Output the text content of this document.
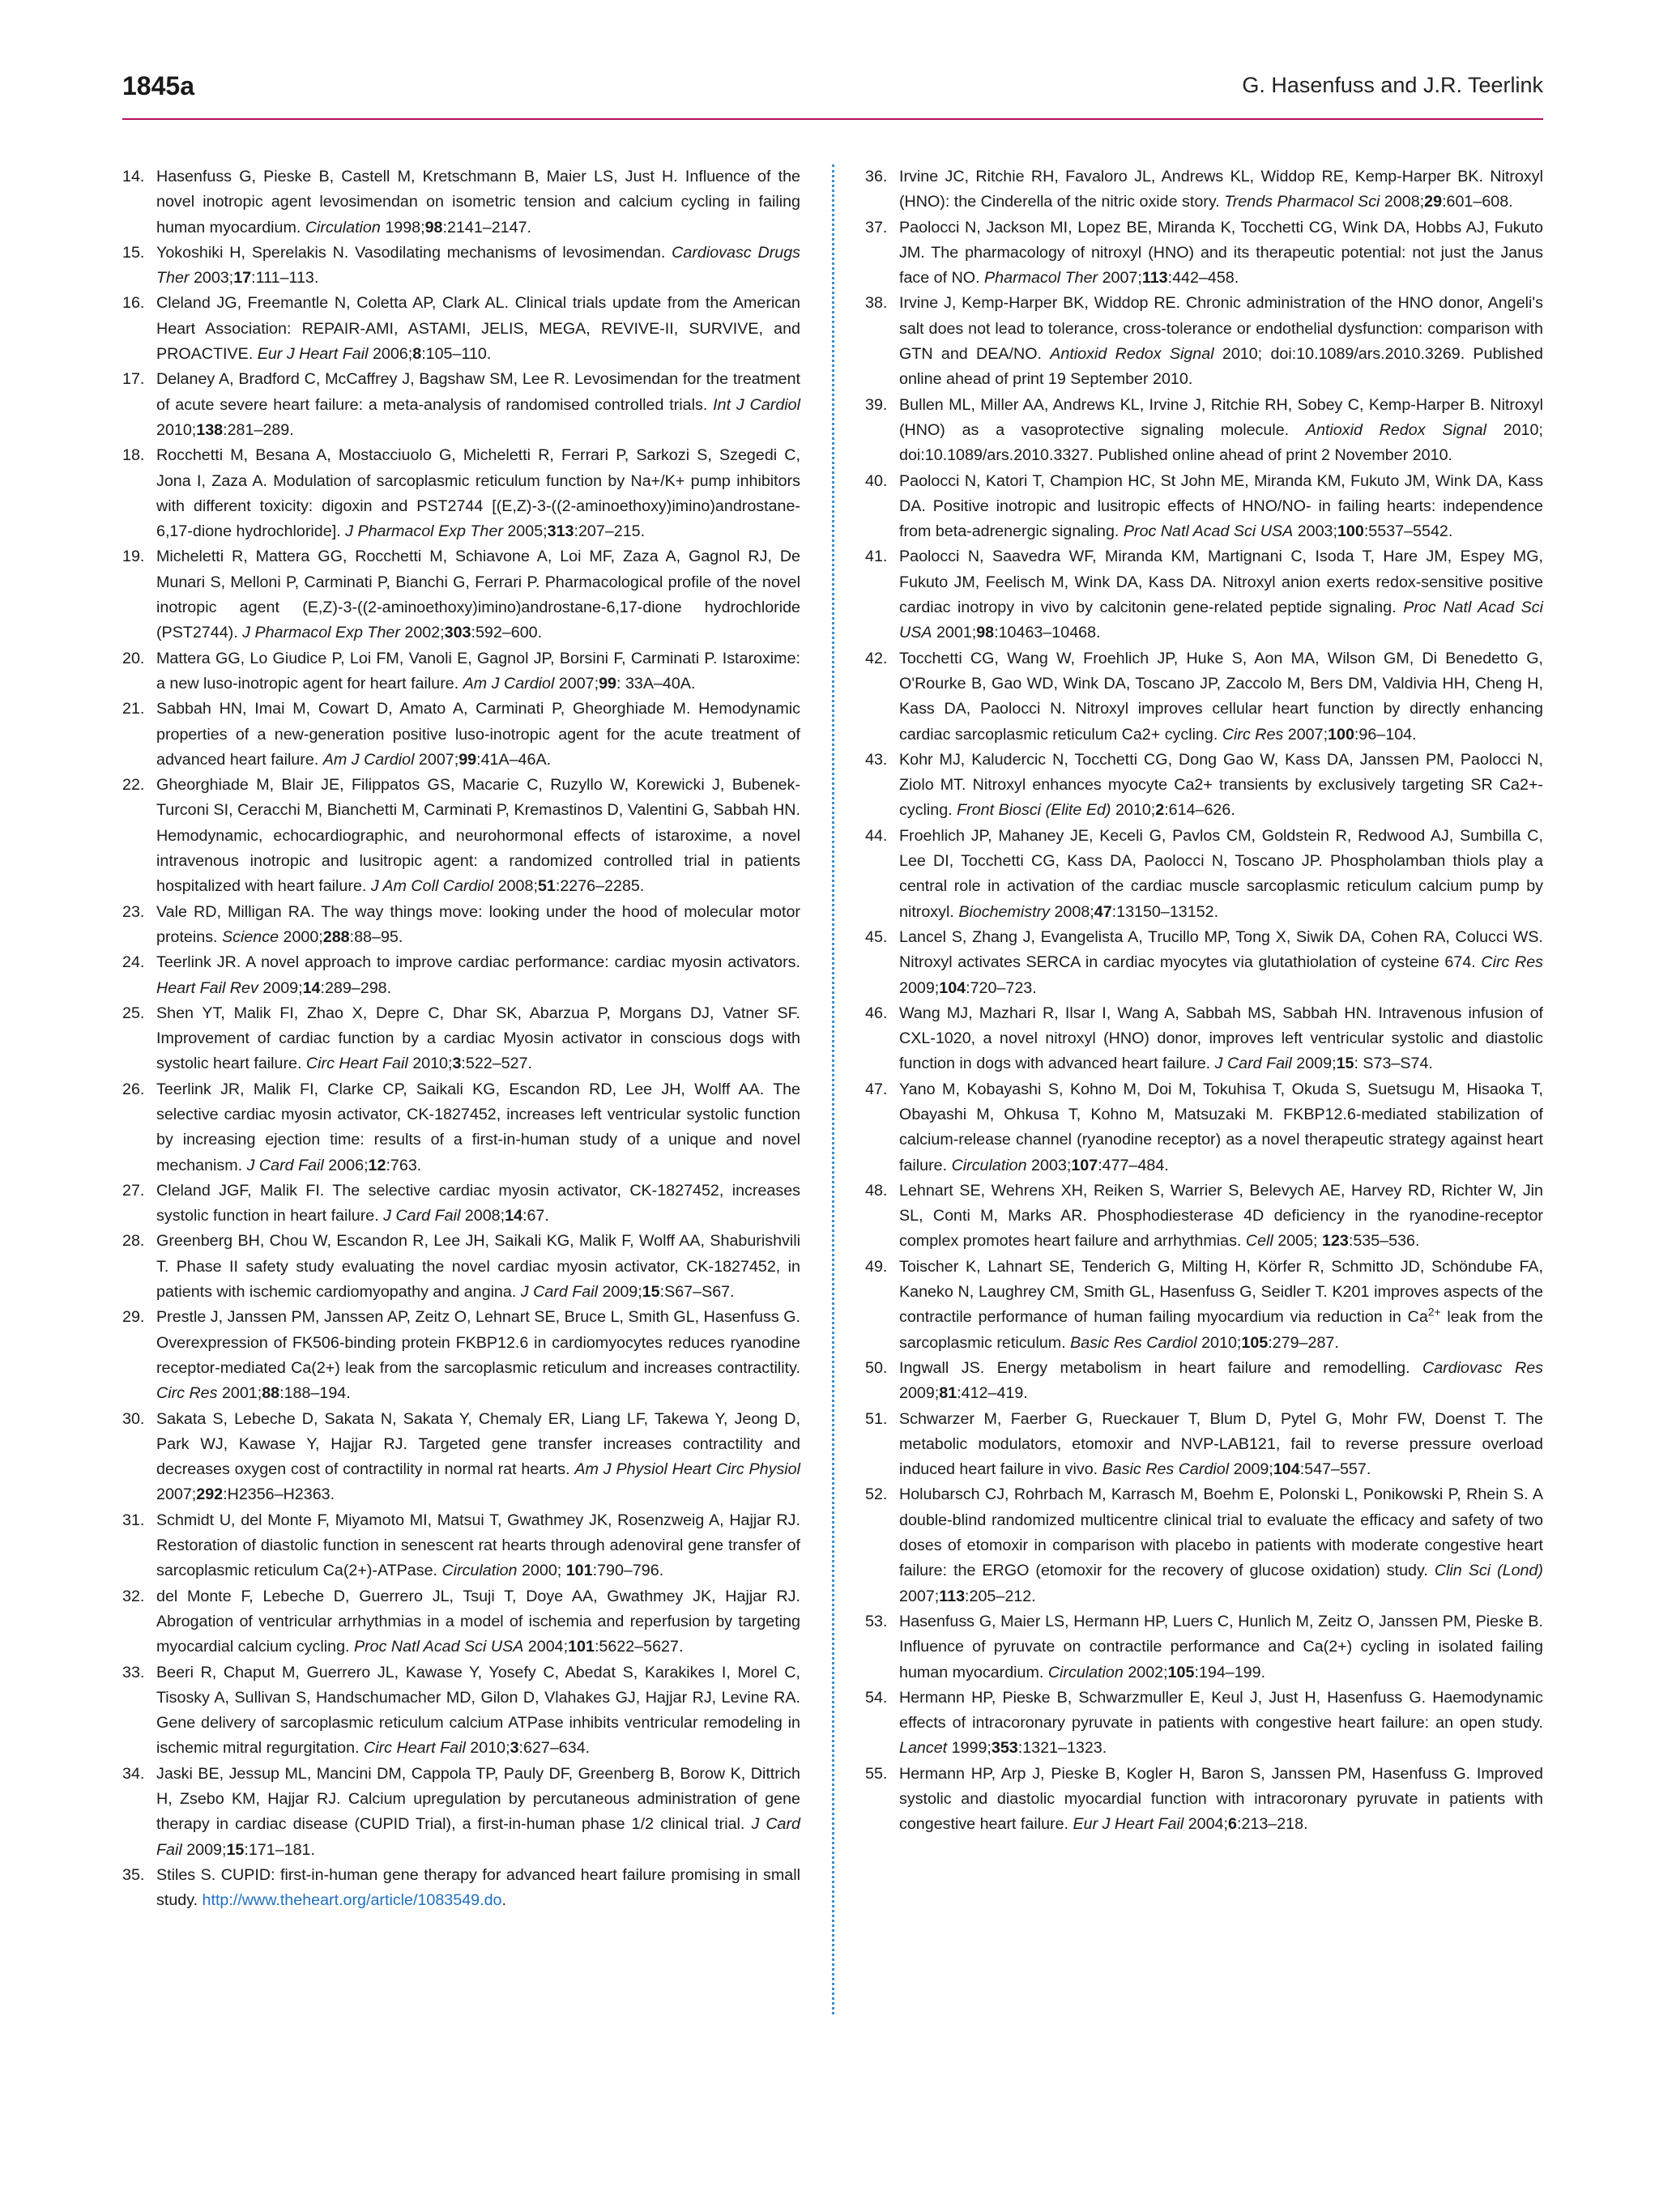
1845a	G. Hasenfuss and J.R. Teerlink

14. Hasenfuss G, Pieske B, Castell M, Kretschmann B, Maier LS, Just H. Influence of the novel inotropic agent levosimendan on isometric tension and calcium cycling in failing human myocardium. Circulation 1998;98:2141–2147.

15. Yokoshiki H, Sperelakis N. Vasodilating mechanisms of levosimendan. Cardiovasc Drugs Ther 2003;17:111–113.

16. Cleland JG, Freemantle N, Coletta AP, Clark AL. Clinical trials update from the American Heart Association: REPAIR-AMI, ASTAMI, JELIS, MEGA, REVIVE-II, SURVIVE, and PROACTIVE. Eur J Heart Fail 2006;8:105–110.

17. Delaney A, Bradford C, McCaffrey J, Bagshaw SM, Lee R. Levosimendan for the treatment of acute severe heart failure: a meta-analysis of randomised controlled trials. Int J Cardiol 2010;138:281–289.

18. Rocchetti M, Besana A, Mostacciuolo G, Micheletti R, Ferrari P, Sarkozi S, Szegedi C, Jona I, Zaza A. Modulation of sarcoplasmic reticulum function by Na+/K+ pump inhibitors with different toxicity: digoxin and PST2744 [(E,Z)-3-((2-aminoethoxy)imino)androstane-6,17-dione hydrochloride]. J Pharmacol Exp Ther 2005;313:207–215.

19. Micheletti R, Mattera GG, Rocchetti M, Schiavone A, Loi MF, Zaza A, Gagnol RJ, De Munari S, Melloni P, Carminati P, Bianchi G, Ferrari P. Pharmacological profile of the novel inotropic agent (E,Z)-3-((2-aminoethoxy)imino)androstane-6,17-dione hydrochloride (PST2744). J Pharmacol Exp Ther 2002;303:592–600.

20. Mattera GG, Lo Giudice P, Loi FM, Vanoli E, Gagnol JP, Borsini F, Carminati P. Istaroxime: a new luso-inotropic agent for heart failure. Am J Cardiol 2007;99: 33A–40A.

21. Sabbah HN, Imai M, Cowart D, Amato A, Carminati P, Gheorghiade M. Hemodynamic properties of a new-generation positive luso-inotropic agent for the acute treatment of advanced heart failure. Am J Cardiol 2007;99:41A–46A.

22. Gheorghiade M, Blair JE, Filippatos GS, Macarie C, Ruzyllo W, Korewicki J, Bubenek-Turconi SI, Ceracchi M, Bianchetti M, Carminati P, Kremastinos D, Valentini G, Sabbah HN. Hemodynamic, echocardiographic, and neurohormonal effects of istaroxime, a novel intravenous inotropic and lusitropic agent: a randomized controlled trial in patients hospitalized with heart failure. J Am Coll Cardiol 2008;51:2276–2285.

23. Vale RD, Milligan RA. The way things move: looking under the hood of molecular motor proteins. Science 2000;288:88–95.

24. Teerlink JR. A novel approach to improve cardiac performance: cardiac myosin activators. Heart Fail Rev 2009;14:289–298.

25. Shen YT, Malik FI, Zhao X, Depre C, Dhar SK, Abarzua P, Morgans DJ, Vatner SF. Improvement of cardiac function by a cardiac Myosin activator in conscious dogs with systolic heart failure. Circ Heart Fail 2010;3:522–527.

26. Teerlink JR, Malik FI, Clarke CP, Saikali KG, Escandon RD, Lee JH, Wolff AA. The selective cardiac myosin activator, CK-1827452, increases left ventricular systolic function by increasing ejection time: results of a first-in-human study of a unique and novel mechanism. J Card Fail 2006;12:763.

27. Cleland JGF, Malik FI. The selective cardiac myosin activator, CK-1827452, increases systolic function in heart failure. J Card Fail 2008;14:67.

28. Greenberg BH, Chou W, Escandon R, Lee JH, Saikali KG, Malik F, Wolff AA, Shaburishvili T. Phase II safety study evaluating the novel cardiac myosin activator, CK-1827452, in patients with ischemic cardiomyopathy and angina. J Card Fail 2009;15:S67–S67.

29. Prestle J, Janssen PM, Janssen AP, Zeitz O, Lehnart SE, Bruce L, Smith GL, Hasenfuss G. Overexpression of FK506-binding protein FKBP12.6 in cardiomyocytes reduces ryanodine receptor-mediated Ca(2+) leak from the sarcoplasmic reticulum and increases contractility. Circ Res 2001;88:188–194.

30. Sakata S, Lebeche D, Sakata N, Sakata Y, Chemaly ER, Liang LF, Takewa Y, Jeong D, Park WJ, Kawase Y, Hajjar RJ. Targeted gene transfer increases contractility and decreases oxygen cost of contractility in normal rat hearts. Am J Physiol Heart Circ Physiol 2007;292:H2356–H2363.

31. Schmidt U, del Monte F, Miyamoto MI, Matsui T, Gwathmey JK, Rosenzweig A, Hajjar RJ. Restoration of diastolic function in senescent rat hearts through adenoviral gene transfer of sarcoplasmic reticulum Ca(2+)-ATPase. Circulation 2000; 101:790–796.

32. del Monte F, Lebeche D, Guerrero JL, Tsuji T, Doye AA, Gwathmey JK, Hajjar RJ. Abrogation of ventricular arrhythmias in a model of ischemia and reperfusion by targeting myocardial calcium cycling. Proc Natl Acad Sci USA 2004;101:5622–5627.

33. Beeri R, Chaput M, Guerrero JL, Kawase Y, Yosefy C, Abedat S, Karakikes I, Morel C, Tisosky A, Sullivan S, Handschumacher MD, Gilon D, Vlahakes GJ, Hajjar RJ, Levine RA. Gene delivery of sarcoplasmic reticulum calcium ATPase inhibits ventricular remodeling in ischemic mitral regurgitation. Circ Heart Fail 2010;3:627–634.

34. Jaski BE, Jessup ML, Mancini DM, Cappola TP, Pauly DF, Greenberg B, Borow K, Dittrich H, Zsebo KM, Hajjar RJ. Calcium upregulation by percutaneous administration of gene therapy in cardiac disease (CUPID Trial), a first-in-human phase 1/2 clinical trial. J Card Fail 2009;15:171–181.

35. Stiles S. CUPID: first-in-human gene therapy for advanced heart failure promising in small study. http://www.theheart.org/article/1083549.do.

36. Irvine JC, Ritchie RH, Favaloro JL, Andrews KL, Widdop RE, Kemp-Harper BK. Nitroxyl (HNO): the Cinderella of the nitric oxide story. Trends Pharmacol Sci 2008;29:601–608.

37. Paolocci N, Jackson MI, Lopez BE, Miranda K, Tocchetti CG, Wink DA, Hobbs AJ, Fukuto JM. The pharmacology of nitroxyl (HNO) and its therapeutic potential: not just the Janus face of NO. Pharmacol Ther 2007;113:442–458.

38. Irvine J, Kemp-Harper BK, Widdop RE. Chronic administration of the HNO donor, Angeli's salt does not lead to tolerance, cross-tolerance or endothelial dysfunction: comparison with GTN and DEA/NO. Antioxid Redox Signal 2010; doi:10.1089/ars.2010.3269. Published online ahead of print 19 September 2010.

39. Bullen ML, Miller AA, Andrews KL, Irvine J, Ritchie RH, Sobey C, Kemp-Harper B. Nitroxyl (HNO) as a vasoprotective signaling molecule. Antioxid Redox Signal 2010; doi:10.1089/ars.2010.3327. Published online ahead of print 2 November 2010.

40. Paolocci N, Katori T, Champion HC, St John ME, Miranda KM, Fukuto JM, Wink DA, Kass DA. Positive inotropic and lusitropic effects of HNO/NO- in failing hearts: independence from beta-adrenergic signaling. Proc Natl Acad Sci USA 2003;100:5537–5542.

41. Paolocci N, Saavedra WF, Miranda KM, Martignani C, Isoda T, Hare JM, Espey MG, Fukuto JM, Feelisch M, Wink DA, Kass DA. Nitroxyl anion exerts redox-sensitive positive cardiac inotropy in vivo by calcitonin gene-related peptide signaling. Proc Natl Acad Sci USA 2001;98:10463–10468.

42. Tocchetti CG, Wang W, Froehlich JP, Huke S, Aon MA, Wilson GM, Di Benedetto G, O'Rourke B, Gao WD, Wink DA, Toscano JP, Zaccolo M, Bers DM, Valdivia HH, Cheng H, Kass DA, Paolocci N. Nitroxyl improves cellular heart function by directly enhancing cardiac sarcoplasmic reticulum Ca2+ cycling. Circ Res 2007;100:96–104.

43. Kohr MJ, Kaludercic N, Tocchetti CG, Dong Gao W, Kass DA, Janssen PM, Paolocci N, Ziolo MT. Nitroxyl enhances myocyte Ca2+ transients by exclusively targeting SR Ca2+-cycling. Front Biosci (Elite Ed) 2010;2:614–626.

44. Froehlich JP, Mahaney JE, Keceli G, Pavlos CM, Goldstein R, Redwood AJ, Sumbilla C, Lee DI, Tocchetti CG, Kass DA, Paolocci N, Toscano JP. Phospholamban thiols play a central role in activation of the cardiac muscle sarcoplasmic reticulum calcium pump by nitroxyl. Biochemistry 2008;47:13150–13152.

45. Lancel S, Zhang J, Evangelista A, Trucillo MP, Tong X, Siwik DA, Cohen RA, Colucci WS. Nitroxyl activates SERCA in cardiac myocytes via glutathiolation of cysteine 674. Circ Res 2009;104:720–723.

46. Wang MJ, Mazhari R, Ilsar I, Wang A, Sabbah MS, Sabbah HN. Intravenous infusion of CXL-1020, a novel nitroxyl (HNO) donor, improves left ventricular systolic and diastolic function in dogs with advanced heart failure. J Card Fail 2009;15: S73–S74.

47. Yano M, Kobayashi S, Kohno M, Doi M, Tokuhisa T, Okuda S, Suetsugu M, Hisaoka T, Obayashi M, Ohkusa T, Kohno M, Matsuzaki M. FKBP12.6-mediated stabilization of calcium-release channel (ryanodine receptor) as a novel therapeutic strategy against heart failure. Circulation 2003;107:477–484.

48. Lehnart SE, Wehrens XH, Reiken S, Warrier S, Belevych AE, Harvey RD, Richter W, Jin SL, Conti M, Marks AR. Phosphodiesterase 4D deficiency in the ryanodine-receptor complex promotes heart failure and arrhythmias. Cell 2005; 123:535–536.

49. Toischer K, Lahnart SE, Tenderich G, Milting H, Körfer R, Schmitto JD, Schöndube FA, Kaneko N, Laughrey CM, Smith GL, Hasenfuss G, Seidler T. K201 improves aspects of the contractile performance of human failing myocardium via reduction in $Ca^{2+}$ leak from the sarcoplasmic reticulum. Basic Res Cardiol 2010;105:279–287.

50. Ingwall JS. Energy metabolism in heart failure and remodelling. Cardiovasc Res 2009;81:412–419.

51. Schwarzer M, Faerber G, Rueckauer T, Blum D, Pytel G, Mohr FW, Doenst T. The metabolic modulators, etomoxir and NVP-LAB121, fail to reverse pressure overload induced heart failure in vivo. Basic Res Cardiol 2009;104:547–557.

52. Holubarsch CJ, Rohrbach M, Karrasch M, Boehm E, Polonski L, Ponikowski P, Rhein S. A double-blind randomized multicentre clinical trial to evaluate the efficacy and safety of two doses of etomoxir in comparison with placebo in patients with moderate congestive heart failure: the ERGO (etomoxir for the recovery of glucose oxidation) study. Clin Sci (Lond) 2007;113:205–212.

53. Hasenfuss G, Maier LS, Hermann HP, Luers C, Hunlich M, Zeitz O, Janssen PM, Pieske B. Influence of pyruvate on contractile performance and Ca(2+) cycling in isolated failing human myocardium. Circulation 2002;105:194–199.

54. Hermann HP, Pieske B, Schwarzmuller E, Keul J, Just H, Hasenfuss G. Haemodynamic effects of intracoronary pyruvate in patients with congestive heart failure: an open study. Lancet 1999;353:1321–1323.

55. Hermann HP, Arp J, Pieske B, Kogler H, Baron S, Janssen PM, Hasenfuss G. Improved systolic and diastolic myocardial function with intracoronary pyruvate in patients with congestive heart failure. Eur J Heart Fail 2004;6:213–218.
